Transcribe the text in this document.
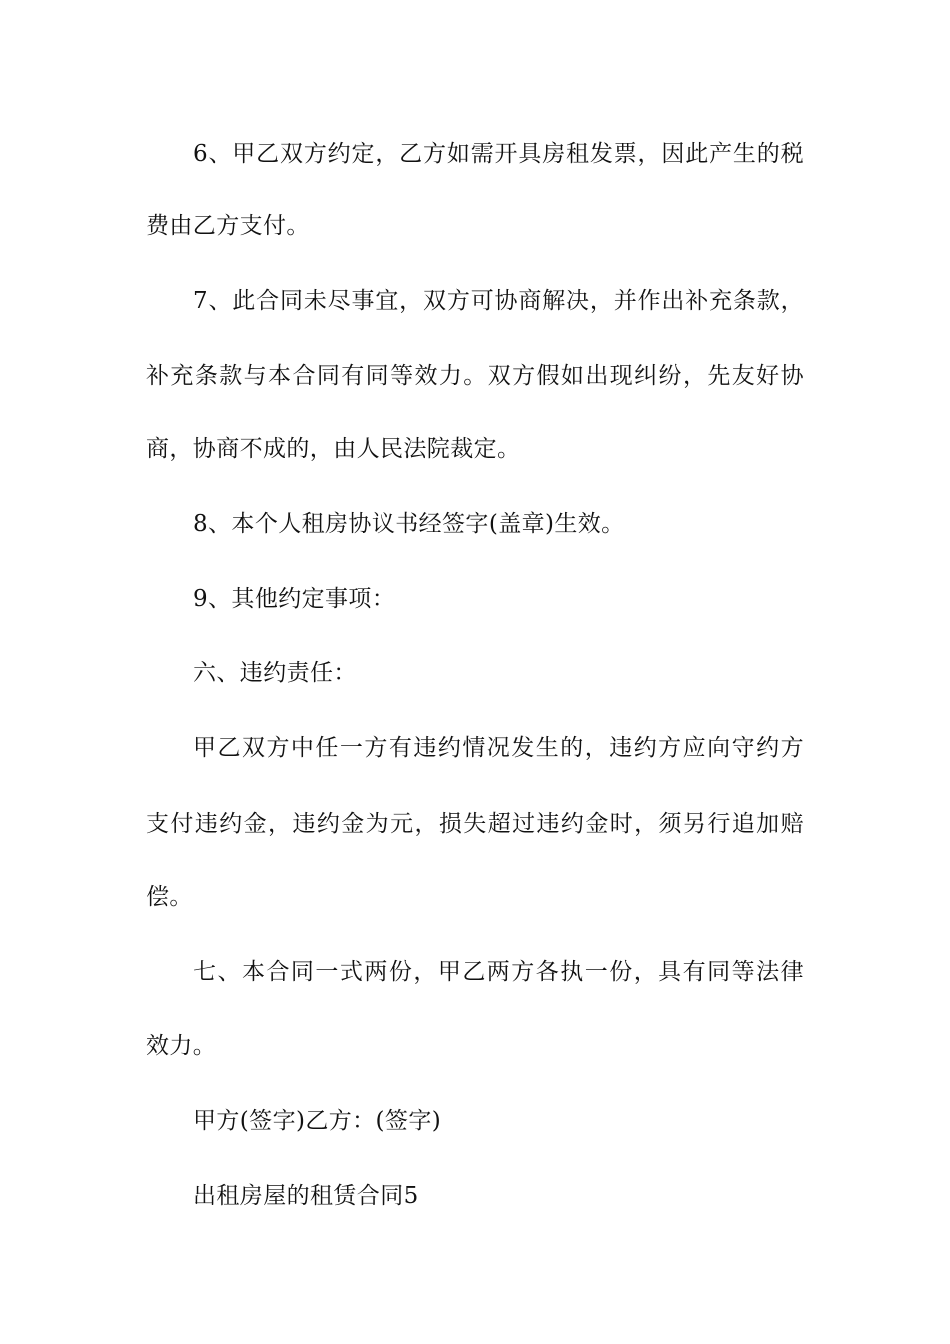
6、甲乙双方约定，乙方如需开具房租发票，因此产生的税
费由乙方支付。
7、此合同未尽事宜，双方可协商解决，并作出补充条款，
补充条款与本合同有同等效力。双方假如出现纠纷，先友好协
商，协商不成的，由人民法院裁定。
8、本个人租房协议书经签字(盖章)生效。
9、其他约定事项：
六、违约责任：
甲乙双方中任一方有违约情况发生的，违约方应向守约方
支付违约金，违约金为元，损失超过违约金时，须另行追加赔
偿。
七、本合同一式两份，甲乙两方各执一份，具有同等法律
效力。
甲方(签字)乙方：(签字)
出租房屋的租赁合同5
